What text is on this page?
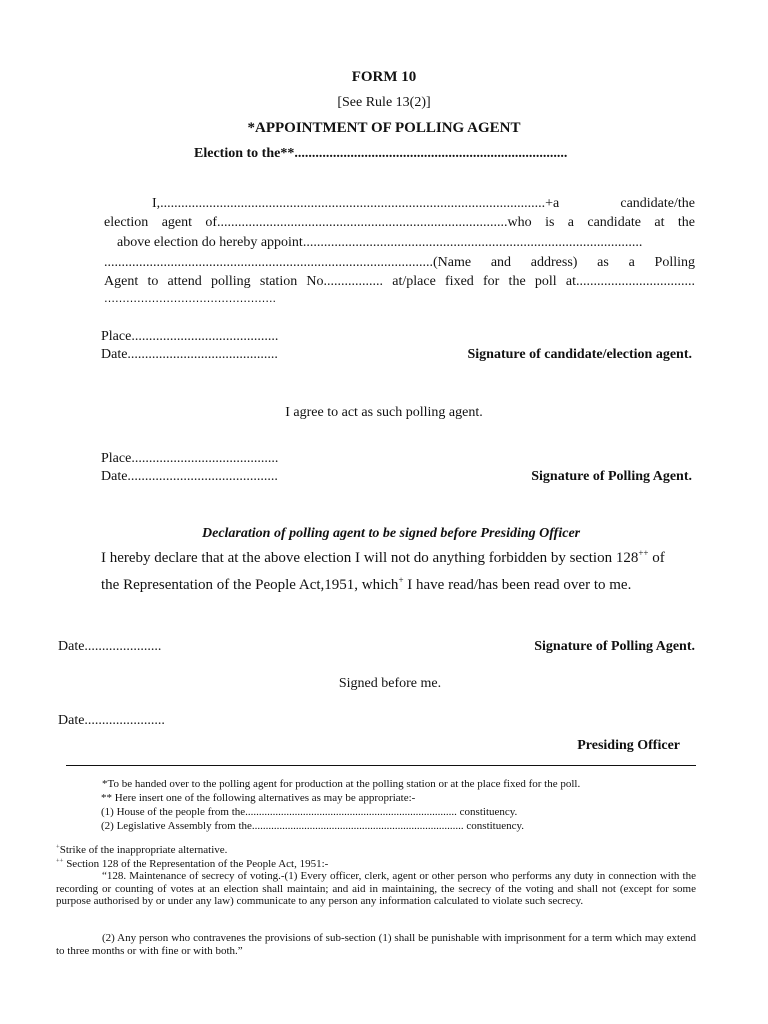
FORM 10
[See Rule 13(2)]
*APPOINTMENT OF POLLING AGENT
Election to the**..............................................................................
I,..............................................................................................................+a	candidate/the
election agent of...................................................................................who is a candidate at the
above election do hereby appoint.................................................................................................
..............................................................................................(Name and address) as a Polling
Agent to attend polling station No................. at/place fixed for the poll at..................................
………………………………………..
Place..........................................
Date...........................................	Signature of candidate/election agent.
I agree to act as such polling agent.
Place..........................................
Date...........................................	Signature of Polling Agent.
Declaration of polling agent to be signed before Presiding Officer
I hereby declare that at the above election I will not do anything forbidden by section 128++ of
the Representation of the People Act,1951, which+ I have read/has been read over to me.
Date......................	Signature of Polling Agent.
Signed before me.
Date.......................
Presiding Officer
*To be handed over to the polling agent for production at the polling station or at the place fixed for the poll.
** Here insert one of the following alternatives as may be appropriate:-
(1) House of the people from the............................................................................. constituency.
(2) Legislative Assembly from the............................................................................. constituency.
+Strike of the inappropriate alternative.
++ Section 128 of the Representation of the People Act, 1951:-
“128. Maintenance of secrecy of voting.-(1) Every officer, clerk, agent or other person who performs any duty in connection with the recording or counting of votes at an election shall maintain; and aid in maintaining, the secrecy of the voting and shall not (except for some purpose authorised by or under any law) communicate to any person any information calculated to violate such secrecy.
(2) Any person who contravenes the provisions of sub-section (1) shall be punishable with imprisonment for a term which may extend to three months or with fine or with both.”
